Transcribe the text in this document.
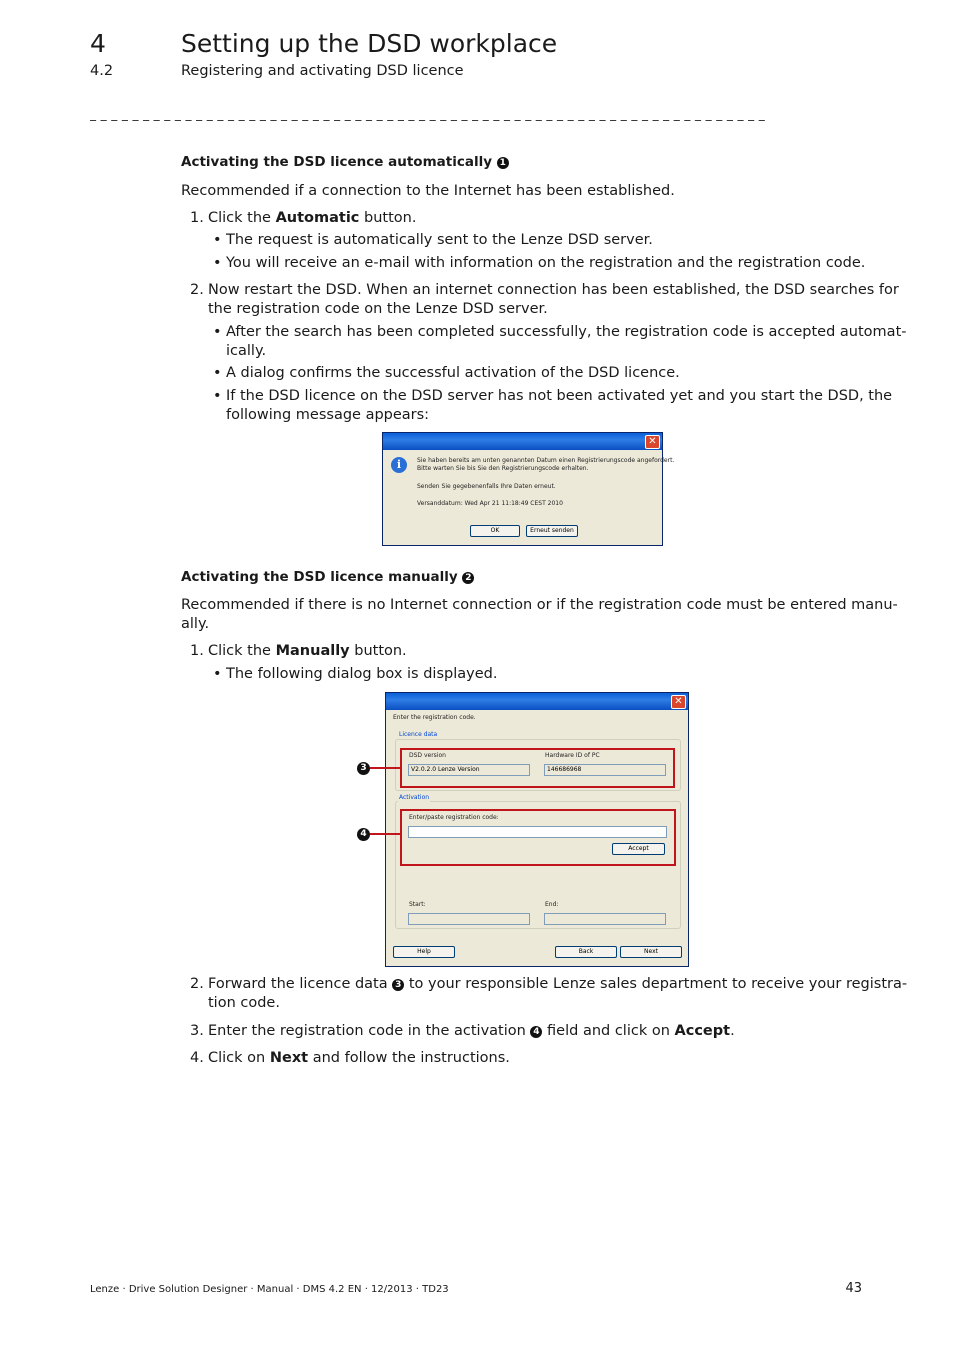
4	Setting up the DSD workplace
4.2	Registering and activating DSD licence
_ _ _ _ _ _ _ _ _ _ _ _ _ _ _ _ _ _ _ _ _ _ _ _ _ _ _ _ _ _ _ _ _ _ _ _ _ _ _ _ _ _ _ _ _ _ _ _ _ _ _ _ _ _ _ _ _ _ _ _ _ _ _ _
Activating the DSD licence automatically 1
Recommended if a connection to the Internet has been established.
1. Click the Automatic button.
• The request is automatically sent to the Lenze DSD server.
• You will receive an e-mail with information on the registration and the registration code.
2. Now restart the DSD. When an internet connection has been established, the DSD searches for
the registration code on the Lenze DSD server.
• After the search has been completed successfully, the registration code is accepted automat-
ically.
• A dialog confirms the successful activation of the DSD licence.
• If the DSD licence on the DSD server has not been activated yet and you start the DSD, the
following message appears:
✕
i	Sie haben bereits am unten genannten Datum einen Registrierungscode angefordert.
Bitte warten Sie bis Sie den Registrierungscode erhalten.
Senden Sie gegebenenfalls Ihre Daten erneut.
Versanddatum: Wed Apr 21 11:18:49 CEST 2010
OK	Erneut senden
Activating the DSD licence manually 2
Recommended if there is no Internet connection or if the registration code must be entered manu-
ally.
1. Click the Manually button.
• The following dialog box is displayed.
✕
Enter the registration code.
Licence data
DSD version
V2.0.2.0 Lenze Version
Hardware ID of PC
146686968
Activation
Enter/paste registration code:
Accept
Start:	End:
Help	Back	Next
3
4
2. Forward the licence data 3 to your responsible Lenze sales department to receive your registra-
tion code.
3. Enter the registration code in the activation 4 field and click on Accept.
4. Click on Next and follow the instructions.
Lenze · Drive Solution Designer · Manual · DMS 4.2 EN · 12/2013 · TD23	43
